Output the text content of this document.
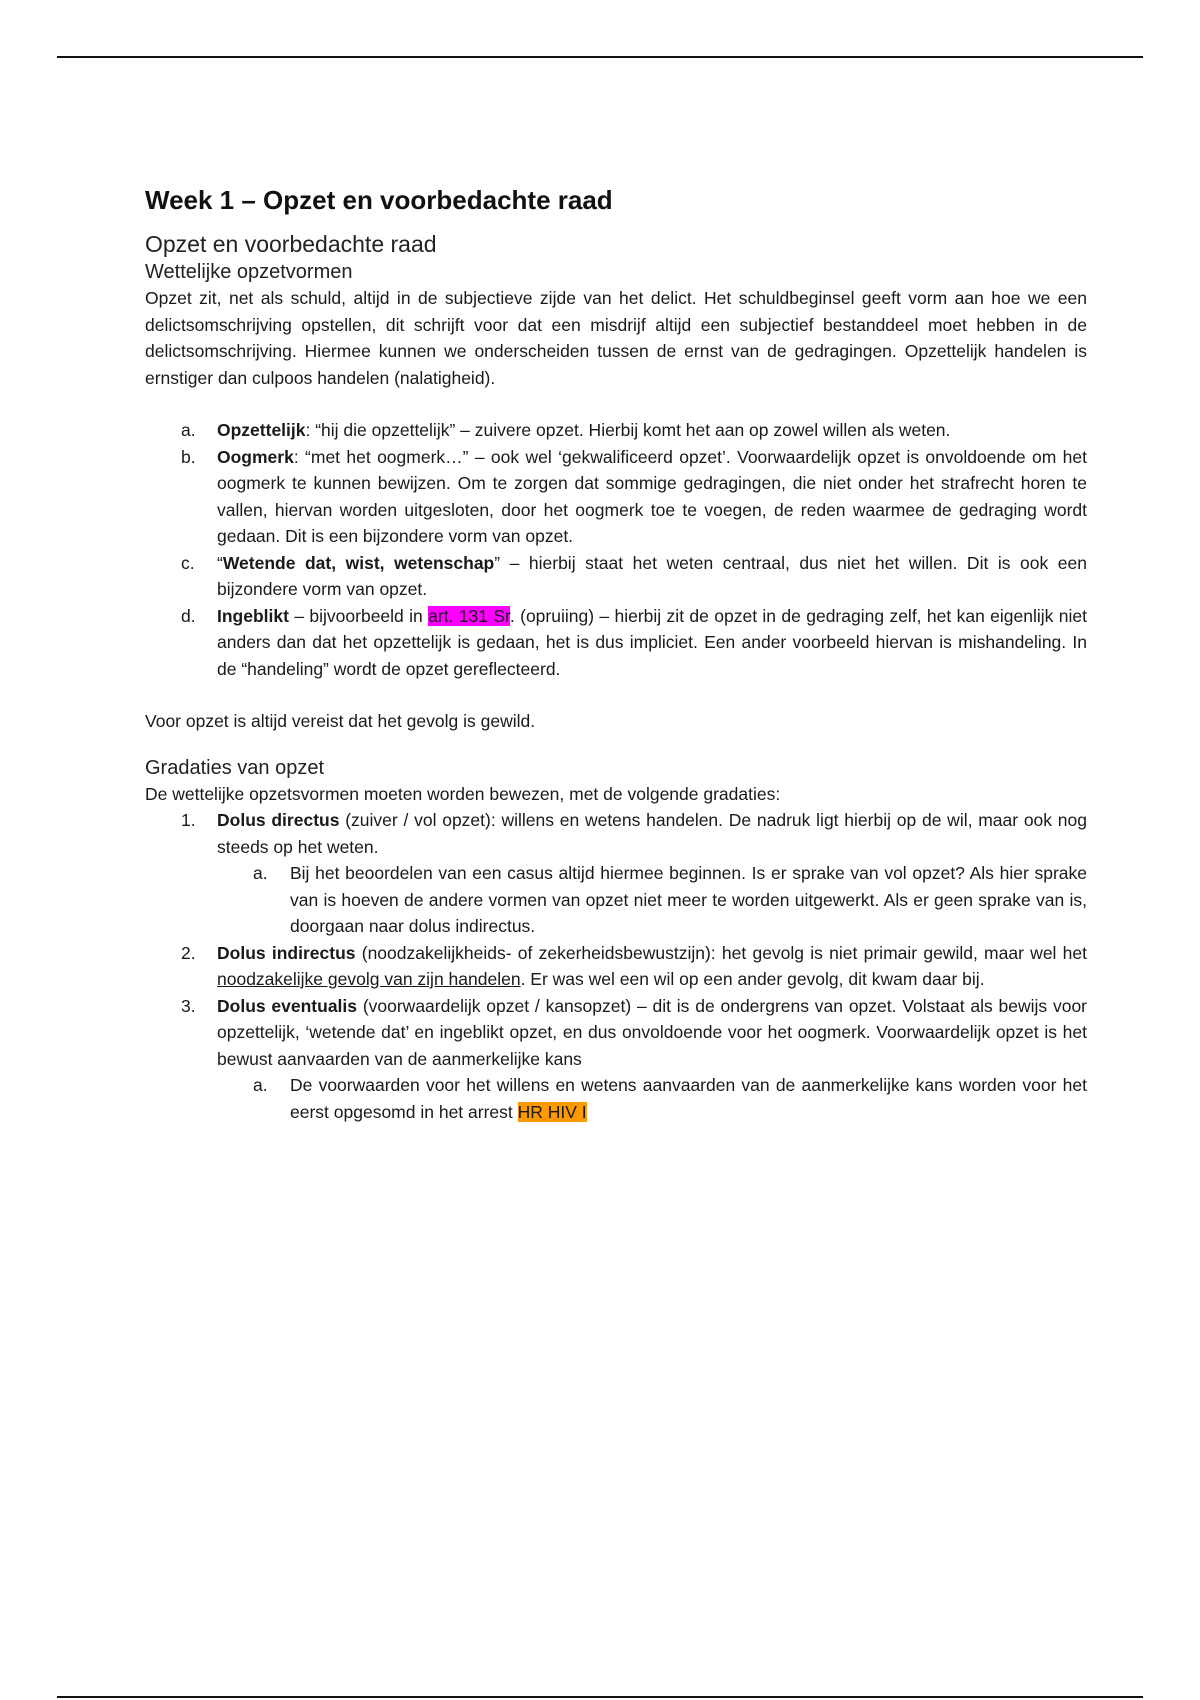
Week 1 – Opzet en voorbedachte raad
Opzet en voorbedachte raad
Wettelijke opzetvormen

Opzet zit, net als schuld, altijd in de subjectieve zijde van het delict. Het schuldbeginsel geeft vorm aan hoe we een delictsomschrijving opstellen, dit schrijft voor dat een misdrijf altijd een subjectief bestanddeel moet hebben in de delictsomschrijving. Hiermee kunnen we onderscheiden tussen de ernst van de gedragingen. Opzettelijk handelen is ernstiger dan culpoos handelen (nalatigheid).

a. Opzettelijk: “hij die opzettelijk” – zuivere opzet. Hierbij komt het aan op zowel willen als weten.
b. Oogmerk: “met het oogmerk…” – ook wel ‘gekwalificeerd opzet’. Voorwaardelijk opzet is onvoldoende om het oogmerk te kunnen bewijzen. Om te zorgen dat sommige gedragingen, die niet onder het strafrecht horen te vallen, hiervan worden uitgesloten, door het oogmerk toe te voegen, de reden waarmee de gedraging wordt gedaan. Dit is een bijzondere vorm van opzet.
c. “Wetende dat, wist, wetenschap” – hierbij staat het weten centraal, dus niet het willen. Dit is ook een bijzondere vorm van opzet.
d. Ingeblikt – bijvoorbeeld in art. 131 Sr. (opruiing) – hierbij zit de opzet in de gedraging zelf, het kan eigenlijk niet anders dan dat het opzettelijk is gedaan, het is dus impliciet. Een ander voorbeeld hiervan is mishandeling. In de “handeling” wordt de opzet gereflecteerd.

Voor opzet is altijd vereist dat het gevolg is gewild.

Gradaties van opzet

De wettelijke opzetsvormen moeten worden bewezen, met de volgende gradaties:

1. Dolus directus (zuiver / vol opzet): willens en wetens handelen. De nadruk ligt hierbij op de wil, maar ook nog steeds op het weten.
a. Bij het beoordelen van een casus altijd hiermee beginnen. Is er sprake van vol opzet? Als hier sprake van is hoeven de andere vormen van opzet niet meer te worden uitgewerkt. Als er geen sprake van is, doorgaan naar dolus indirectus.
2. Dolus indirectus (noodzakelijkheids- of zekerheidsbewustzijn): het gevolg is niet primair gewild, maar wel het noodzakelijke gevolg van zijn handelen. Er was wel een wil op een ander gevolg, dit kwam daar bij.
3. Dolus eventualis (voorwaardelijk opzet / kansopzet) – dit is de ondergrens van opzet. Volstaat als bewijs voor opzettelijk, ‘wetende dat’ en ingeblikt opzet, en dus onvoldoende voor het oogmerk. Voorwaardelijk opzet is het bewust aanvaarden van de aanmerkelijke kans
a. De voorwaarden voor het willens en wetens aanvaarden van de aanmerkelijke kans worden voor het eerst opgesomd in het arrest HR HIV I
